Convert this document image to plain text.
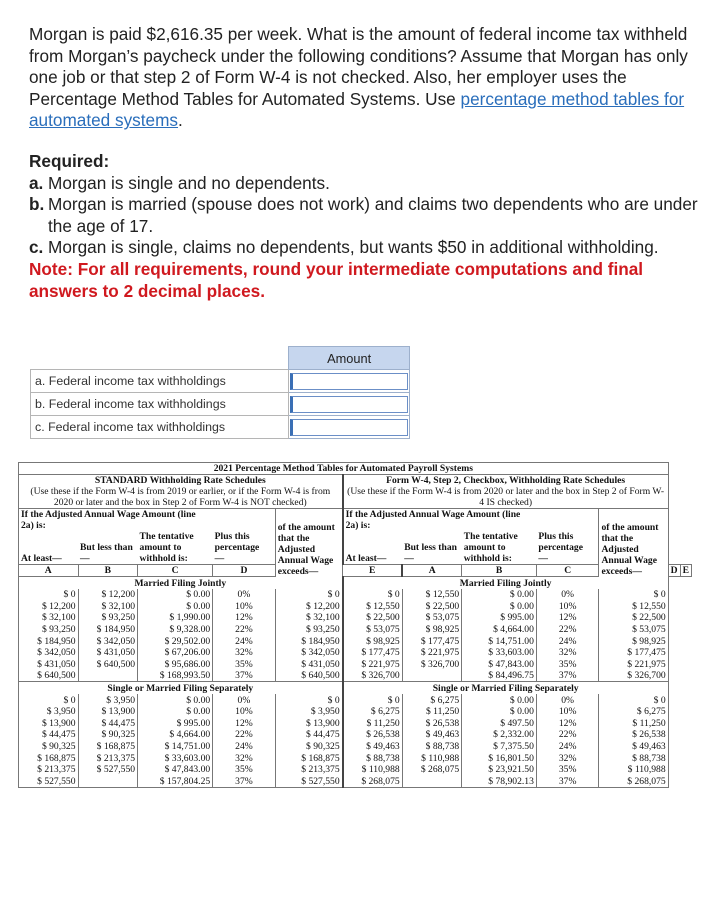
Morgan is paid $2,616.35 per week. What is the amount of federal income tax withheld from Morgan’s paycheck under the following conditions? Assume that Morgan has only one job or that step 2 of Form W-4 is not checked. Also, her employer uses the Percentage Method Tables for Automated Systems. Use percentage method tables for automated systems.
Required:
a. Morgan is single and no dependents.
b. Morgan is married (spouse does not work) and claims two dependents who are under the age of 17.
c. Morgan is single, claims no dependents, but wants $50 in additional withholding.
Note: For all requirements, round your intermediate computations and final answers to 2 decimal places.
	Amount
a. Federal income tax withholdings	
b. Federal income tax withholdings	
c. Federal income tax withholdings	
2021 Percentage Method Tables for Automated Payroll Systems											
STANDARD Withholding Rate Schedules					Form W-4, Step 2, Checkbox, Withholding Rate Schedules						
(Use these if the Form W-4 is from 2019 or earlier, or if the Form W-4 is from 2020 or later and the box in Step 2 of Form W-4 is NOT checked)					(Use these if the Form W-4 is from 2020 or later and the box in Step 2 of Form W-4 IS checked)						
If the Adjusted Annual Wage Amount (line 2a) is:			Plus this percentage
—	of the amount that the Adjusted Annual Wage exceeds—	If the Adjusted Annual Wage Amount (line 2a) is:			Plus this percentage
—	of the amount that the Adjusted Annual Wage exceeds—		

At least—	But less than—	The tentative amount to withhold is:			At least—	But less than—	The tentative amount to withhold is:				
A	B	C	D		E	A	B	C		D	E
Married Filing Jointly					Married Filing Jointly						
$ 0	$ 12,200	$ 0.00	0%	$ 0	$ 0	$ 12,550	$ 0.00	0%	$ 0		
$ 12,200	$ 32,100	$ 0.00	10%	$ 12,200	$ 12,550	$ 22,500	$ 0.00	10%	$ 12,550		
$ 32,100	$ 93,250	$ 1,990.00	12%	$ 32,100	$ 22,500	$ 53,075	$ 995.00	12%	$ 22,500		
$ 93,250	$ 184,950	$ 9,328.00	22%	$ 93,250	$ 53,075	$ 98,925	$ 4,664.00	22%	$ 53,075		
$ 184,950	$ 342,050	$ 29,502.00	24%	$ 184,950	$ 98,925	$ 177,475	$ 14,751.00	24%	$ 98,925		
$ 342,050	$ 431,050	$ 67,206.00	32%	$ 342,050	$ 177,475	$ 221,975	$ 33,603.00	32%	$ 177,475		
$ 431,050	$ 640,500	$ 95,686.00	35%	$ 431,050	$ 221,975	$ 326,700	$ 47,843.00	35%	$ 221,975		
$ 640,500		$ 168,993.50	37%	$ 640,500	$ 326,700		$ 84,496.75	37%	$ 326,700		
Single or Married Filing Separately					Single or Married Filing Separately						
$ 0	$ 3,950	$ 0.00	0%	$ 0	$ 0	$ 6,275	$ 0.00	0%	$ 0		
$ 3,950	$ 13,900	$ 0.00	10%	$ 3,950	$ 6,275	$ 11,250	$ 0.00	10%	$ 6,275		
$ 13,900	$ 44,475	$ 995.00	12%	$ 13,900	$ 11,250	$ 26,538	$ 497.50	12%	$ 11,250		
$ 44,475	$ 90,325	$ 4,664.00	22%	$ 44,475	$ 26,538	$ 49,463	$ 2,332.00	22%	$ 26,538		
$ 90,325	$ 168,875	$ 14,751.00	24%	$ 90,325	$ 49,463	$ 88,738	$ 7,375.50	24%	$ 49,463		
$ 168,875	$ 213,375	$ 33,603.00	32%	$ 168,875	$ 88,738	$ 110,988	$ 16,801.50	32%	$ 88,738		
$ 213,375	$ 527,550	$ 47,843.00	35%	$ 213,375	$ 110,988	$ 268,075	$ 23,921.50	35%	$ 110,988		
$ 527,550		$ 157,804.25	37%	$ 527,550	$ 268,075		$ 78,902.13	37%	$ 268,075		
